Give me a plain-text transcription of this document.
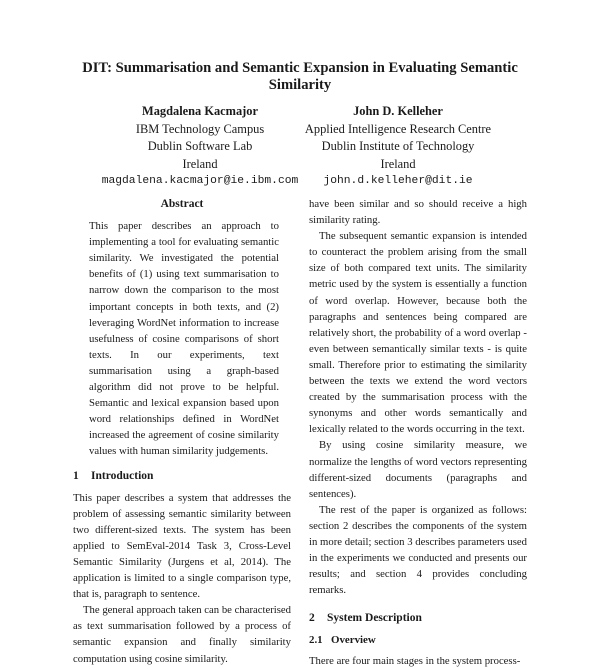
DIT: Summarisation and Semantic Expansion in Evaluating Semantic Similarity
Magdalena Kacmajor
IBM Technology Campus
Dublin Software Lab
Ireland
magdalena.kacmajor@ie.ibm.com
John D. Kelleher
Applied Intelligence Research Centre
Dublin Institute of Technology
Ireland
john.d.kelleher@dit.ie
Abstract

This paper describes an approach to implementing a tool for evaluating semantic similarity. We investigated the potential benefits of (1) using text summarisation to narrow down the comparison to the most important concepts in both texts, and (2) leveraging WordNet information to increase usefulness of cosine comparisons of short texts. In our experiments, text summarisation using a graph-based algorithm did not prove to be helpful. Semantic and lexical expansion based upon word relationships defined in WordNet increased the agreement of cosine similarity values with human similarity judgements.

1 Introduction

This paper describes a system that addresses the problem of assessing semantic similarity between two different-sized texts. The system has been applied to SemEval-2014 Task 3, Cross-Level Semantic Similarity (Jurgens et al, 2014). The application is limited to a single comparison type, that is, paragraph to sentence.

The general approach taken can be characterised as text summarisation followed by a process of semantic expansion and finally similarity computation using cosine similarity.

have been similar and so should receive a high similarity rating.

The subsequent semantic expansion is intended to counteract the problem arising from the small size of both compared text units. The similarity metric used by the system is essentially a function of word overlap. However, because both the paragraphs and sentences being compared are relatively short, the probability of a word overlap - even between semantically similar texts - is quite small. Therefore prior to estimating the similarity between the texts we extend the word vectors created by the summarisation process with the synonyms and other words semantically and lexically related to the words occurring in the text.

By using cosine similarity measure, we normalize the lengths of word vectors representing different-sized documents (paragraphs and sentences).

The rest of the paper is organized as follows: section 2 describes the components of the system in more detail; section 3 describes parameters used in the experiments we conducted and presents our results; and section 4 provides concluding remarks.

2 System Description
2.1 Overview

There are four main stages in the system process-
